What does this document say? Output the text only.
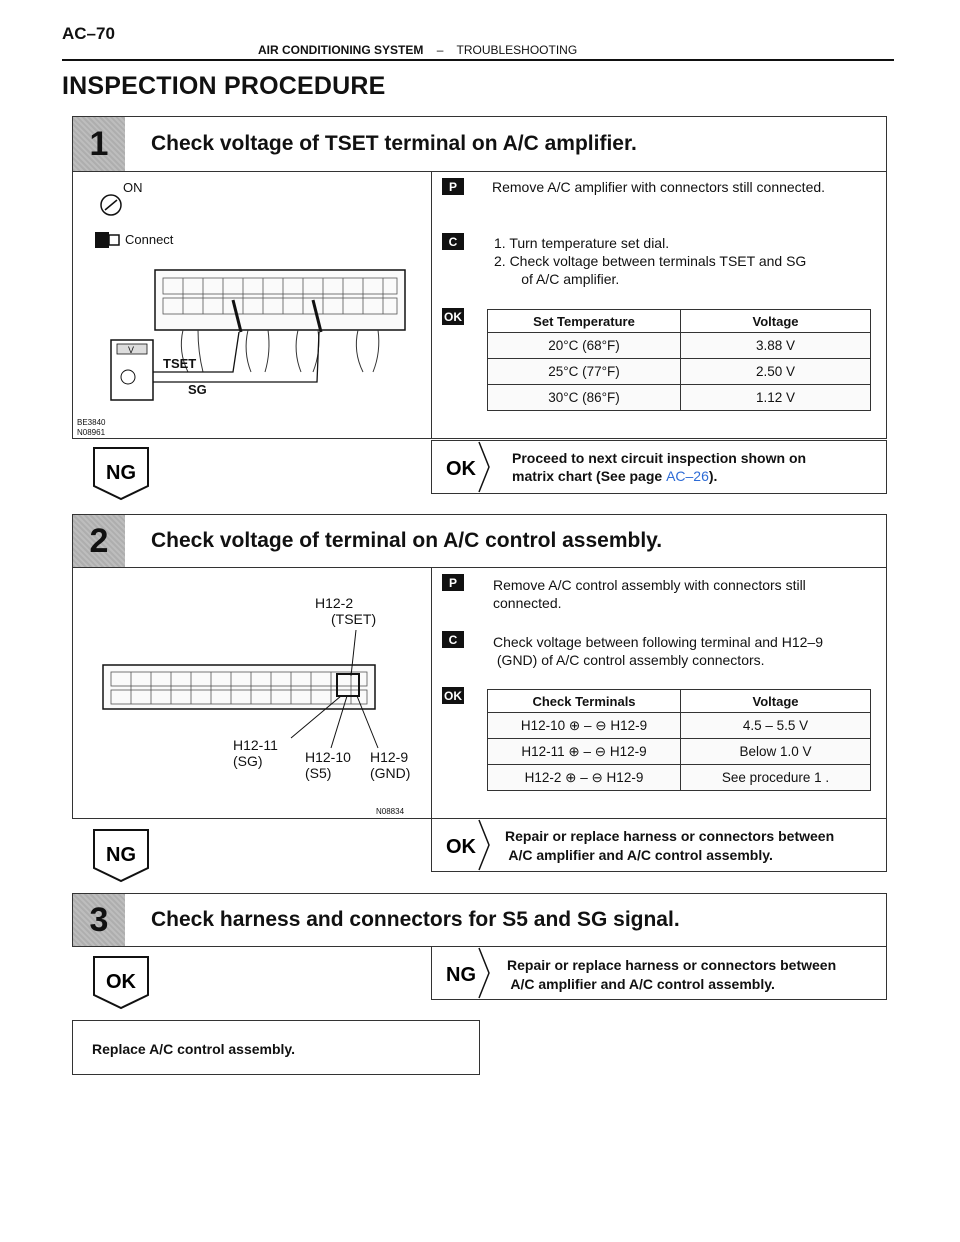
AC–70
AIR CONDITIONING SYSTEM – TROUBLESHOOTING
INSPECTION PROCEDURE
1	Check voltage of TSET terminal on A/C amplifier.
ON
Connect
V
TSET
SG
BE3840
N08961
P	Remove A/C amplifier with connectors still connected.
C	1. Turn temperature set dial.
2. Check voltage between terminals TSET and SG
of A/C amplifier.
OK	Set Temperature	Voltage
20°C (68°F)	3.88 V
25°C (77°F)	2.50 V
30°C (86°F)	1.12 V
NG	OK	Proceed to next circuit inspection shown on
matrix chart (See page AC–26).
2	Check voltage of terminal on A/C control assembly.
H12-2
(TSET)
H12-11
(SG)	H12-10
(S5)
H12-9
(GND)
N08834
P	Remove A/C control assembly with connectors still
connected.
C	Check voltage between following terminal and H12–9
(GND) of A/C control assembly connectors.
OK	Check Terminals	Voltage
H12-10 ⊕ – ⊖ H12-9	4.5 – 5.5 V
H12-11 ⊕ – ⊖ H12-9	Below 1.0 V
H12-2 ⊕ – ⊖ H12-9	See procedure 1 .
NG	OK Repair or replace harness or connectors between
A/C amplifier and A/C control assembly.
3	Check harness and connectors for S5 and SG signal.
OK	NG Repair or replace harness or connectors between
A/C amplifier and A/C control assembly.
Replace A/C control assembly.
